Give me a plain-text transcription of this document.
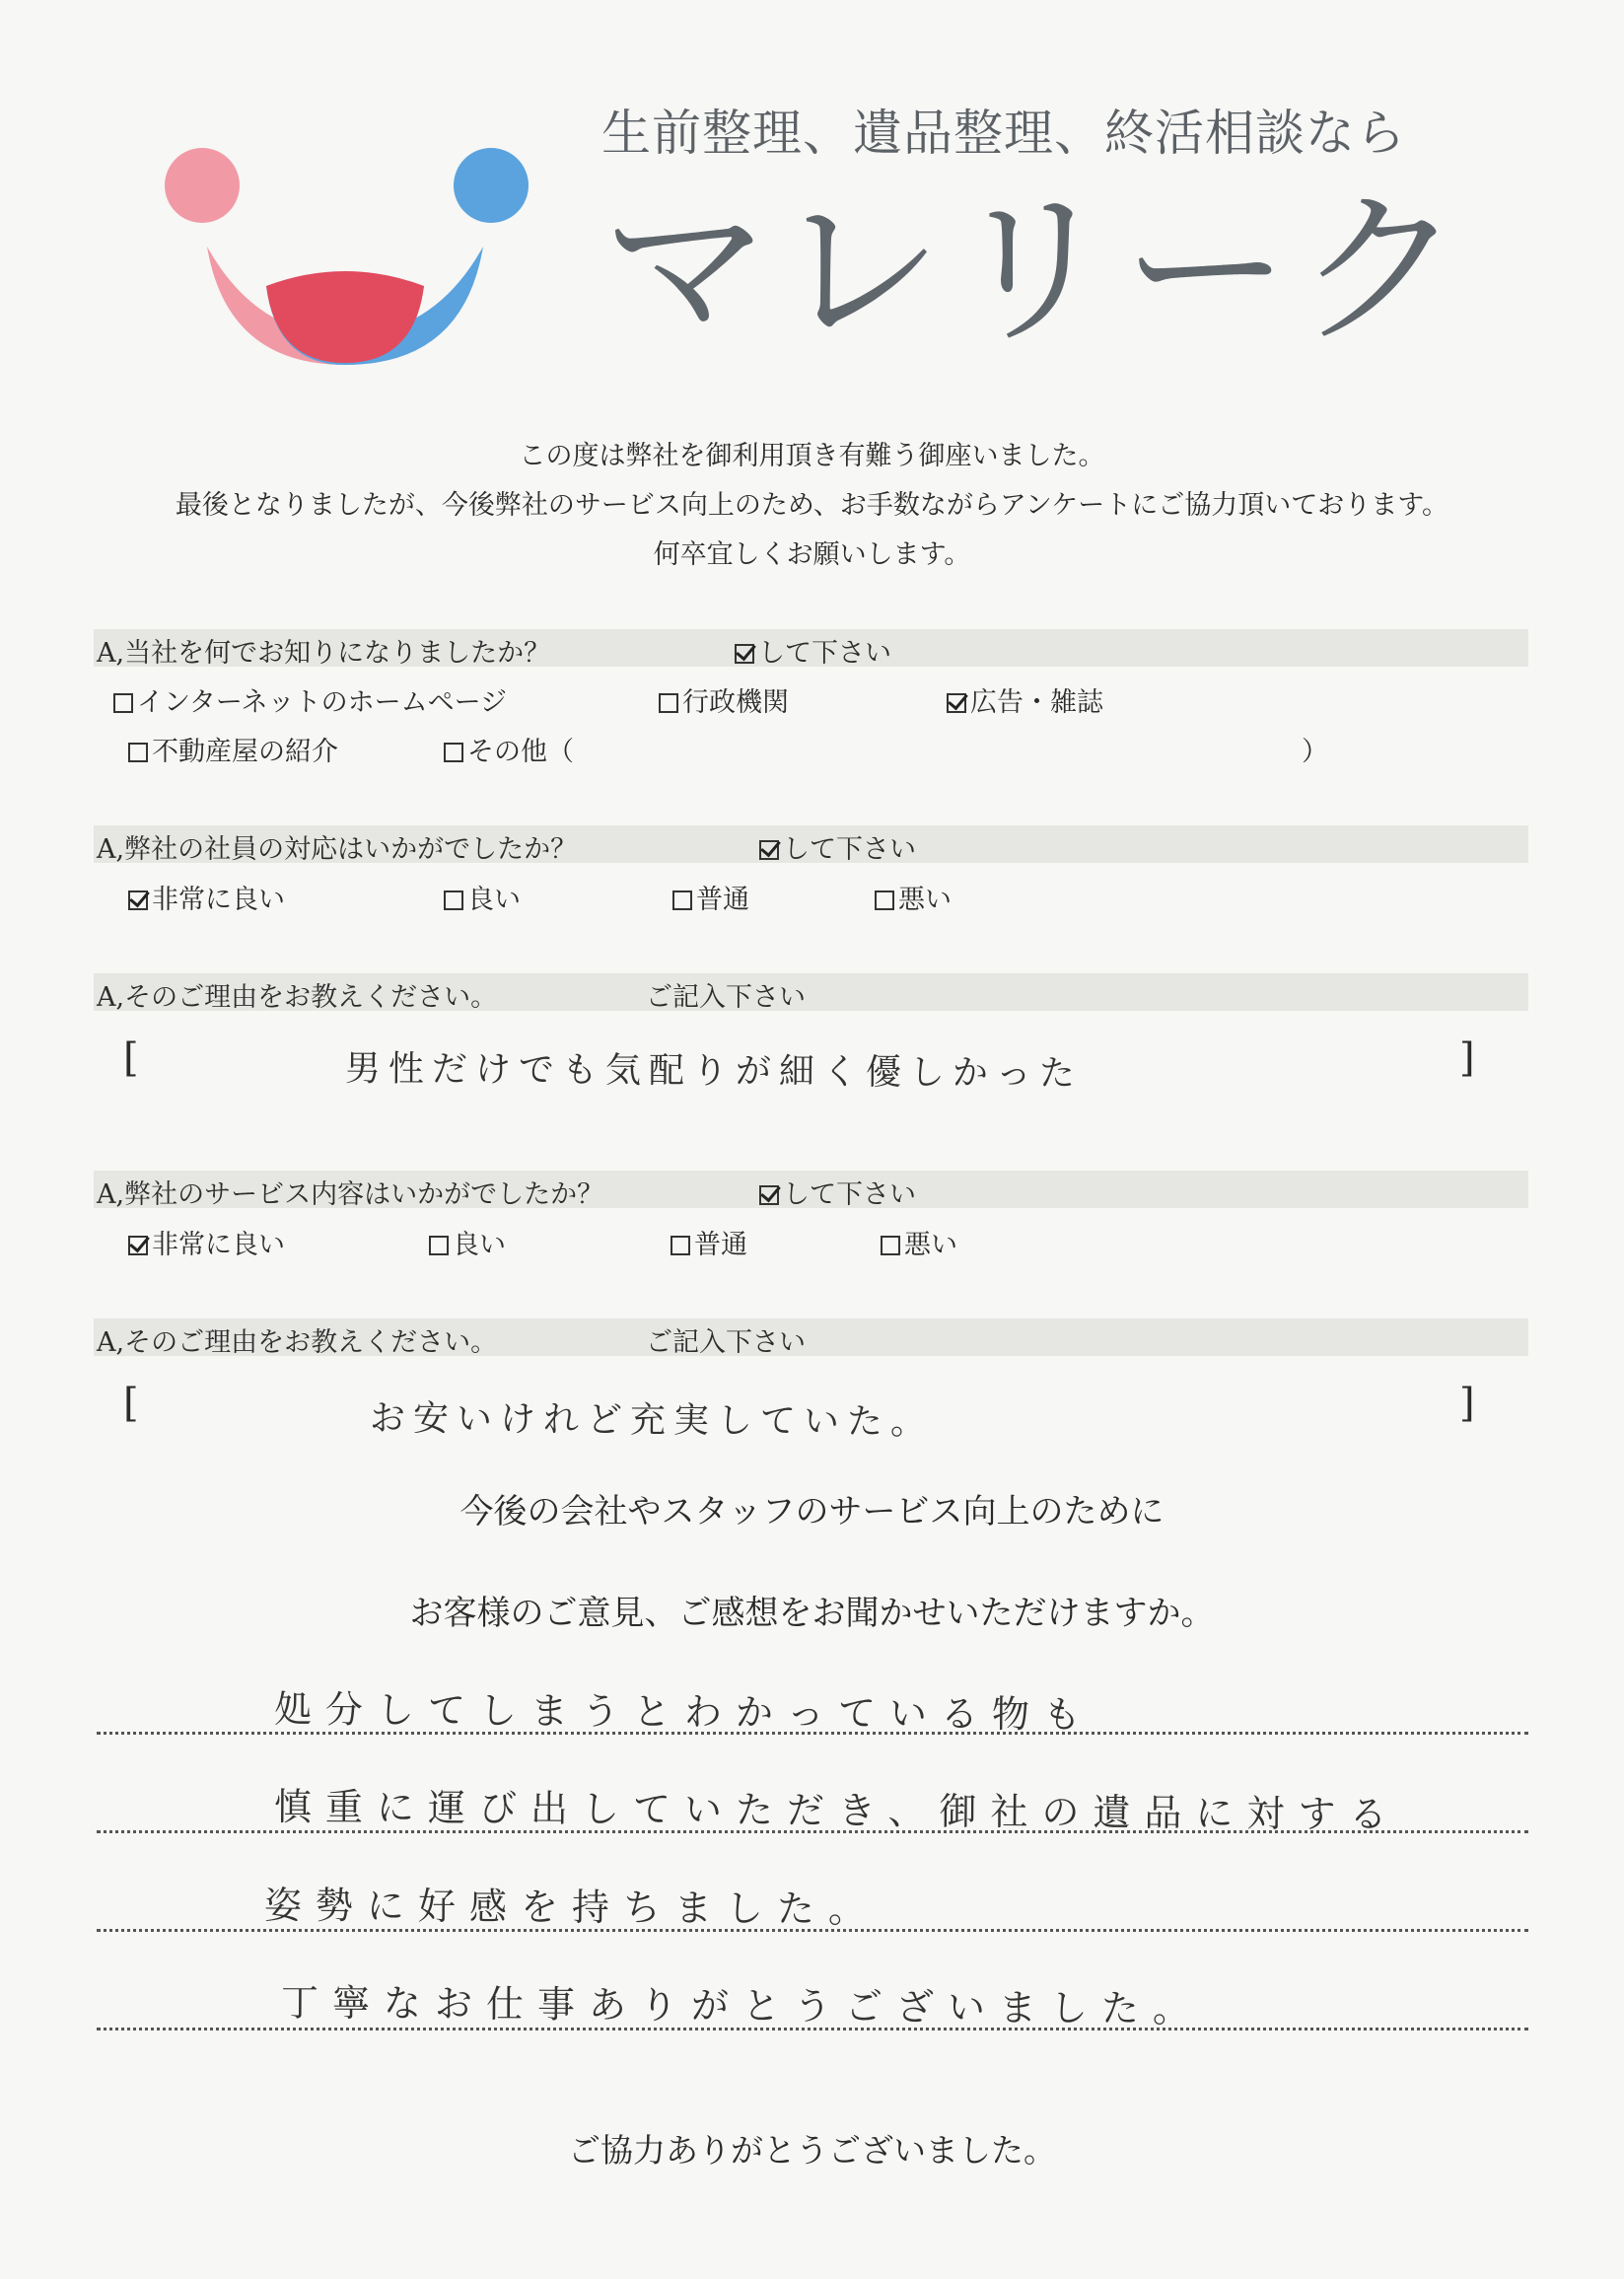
生前整理、遺品整理、終活相談なら
マレリーク
この度は弊社を御利用頂き有難う御座いました。
最後となりましたが、今後弊社のサービス向上のため、お手数ながらアンケートにご協力頂いております。
何卒宜しくお願いします。
A,当社を何でお知りになりましたか？	して下さい
インターネットのホームページ	行政機関	広告・雑誌
不動産屋の紹介	その他（	）
A,弊社の社員の対応はいかがでしたか？	して下さい
非常に良い	良い	普通	悪い
A,そのご理由をお教えください。	ご記入下さい
[	男性だけでも気配りが細く優しかった	]
A,弊社のサービス内容はいかがでしたか？	して下さい
非常に良い	良い	普通	悪い
A,そのご理由をお教えください。	ご記入下さい
[	お安いけれど充実していた。	]
今後の会社やスタッフのサービス向上のために
お客様のご意見、ご感想をお聞かせいただけますか。
処分してしまうとわかっている物も
慎重に運び出していただき、御社の遺品に対する
姿勢に好感を持ちました。
丁寧なお仕事ありがとうございました。
ご協力ありがとうございました。
